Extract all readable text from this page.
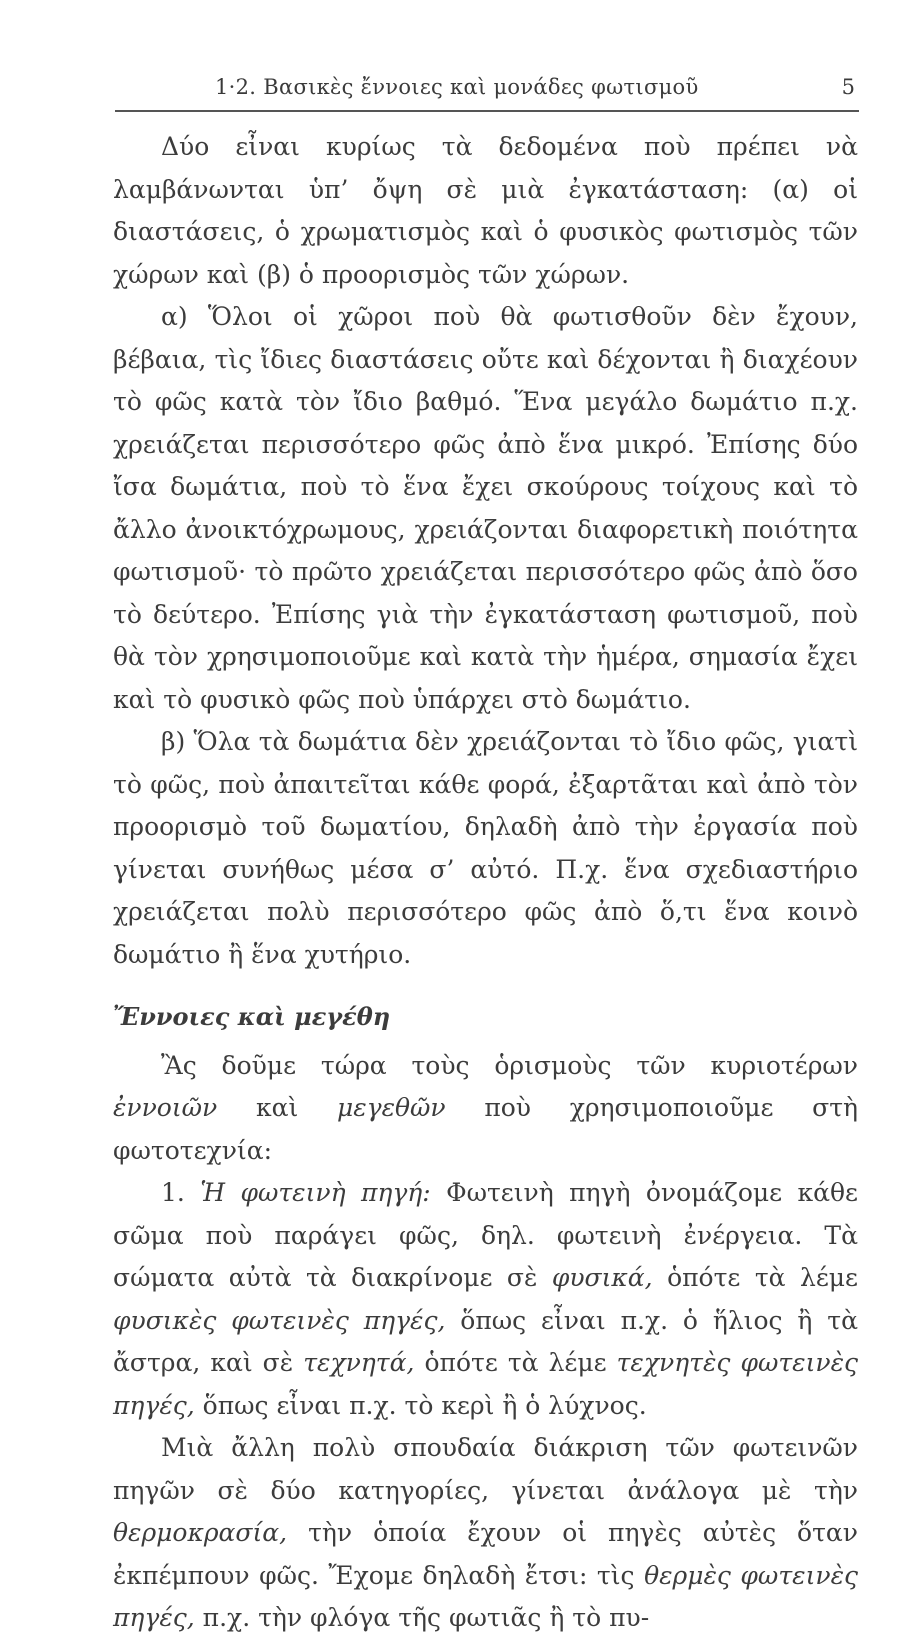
1·2. Βασικὲς ἔννοιες καὶ μονάδες φωτισμοῦ	5

Δύο εἶναι κυρίως τὰ δεδομένα ποὺ πρέπει νὰ λαμβάνωνται ὑπ’ ὄψη σὲ μιὰ ἐγκατάσταση: (α) οἱ διαστάσεις, ὁ χρωματισμὸς καὶ ὁ φυσικὸς φωτισμὸς τῶν χώρων καὶ (β) ὁ προορισμὸς τῶν χώρων.

α) Ὅλοι οἱ χῶροι ποὺ θὰ φωτισθοῦν δὲν ἔχουν, βέβαια, τὶς ἴδιες διαστάσεις οὔτε καὶ δέχονται ἢ διαχέουν τὸ φῶς κατὰ τὸν ἴδιο βαθμό. Ἕνα μεγάλο δωμάτιο π.χ. χρειάζεται περισσότερο φῶς ἀπὸ ἕνα μικρό. Ἐπίσης δύο ἴσα δωμάτια, ποὺ τὸ ἕνα ἔχει σκούρους τοίχους καὶ τὸ ἄλλο ἀνοικτόχρωμους, χρειάζονται διαφορετικὴ ποιότητα φωτισμοῦ· τὸ πρῶτο χρειάζεται περισσότερο φῶς ἀπὸ ὅσο τὸ δεύτερο. Ἐπίσης γιὰ τὴν ἐγκατάσταση φωτισμοῦ, ποὺ θὰ τὸν χρησιμοποιοῦμε καὶ κατὰ τὴν ἡμέρα, σημασία ἔχει καὶ τὸ φυσικὸ φῶς ποὺ ὑπάρχει στὸ δωμάτιο.

β) Ὅλα τὰ δωμάτια δὲν χρειάζονται τὸ ἴδιο φῶς, γιατὶ τὸ φῶς, ποὺ ἀπαιτεῖται κάθε φορά, ἐξαρτᾶται καὶ ἀπὸ τὸν προορισμὸ τοῦ δωματίου, δηλαδὴ ἀπὸ τὴν ἐργασία ποὺ γίνεται συνήθως μέσα σ’ αὐτό. Π.χ. ἕνα σχεδιαστήριο χρειάζεται πολὺ περισσότερο φῶς ἀπὸ ὅ,τι ἕνα κοινὸ δωμάτιο ἢ ἕνα χυτήριο.

Ἔννοιες καὶ μεγέθη

Ἂς δοῦμε τώρα τοὺς ὁρισμοὺς τῶν κυριοτέρων ἐννοιῶν καὶ μεγεθῶν ποὺ χρησιμοποιοῦμε στὴ φωτοτεχνία:

1. Ἡ φωτεινὴ πηγή: Φωτεινὴ πηγὴ ὀνομάζομε κάθε σῶμα ποὺ παράγει φῶς, δηλ. φωτεινὴ ἐνέργεια. Τὰ σώματα αὐτὰ τὰ διακρίνομε σὲ φυσικά, ὁπότε τὰ λέμε φυσικὲς φωτεινὲς πηγές, ὅπως εἶναι π.χ. ὁ ἥλιος ἢ τὰ ἄστρα, καὶ σὲ τεχνητά, ὁπότε τὰ λέμε τεχνητὲς φωτεινὲς πηγές, ὅπως εἶναι π.χ. τὸ κερὶ ἢ ὁ λύχνος.

Μιὰ ἄλλη πολὺ σπουδαία διάκριση τῶν φωτεινῶν πηγῶν σὲ δύο κατηγορίες, γίνεται ἀνάλογα μὲ τὴν θερμοκρασία, τὴν ὁποία ἔχουν οἱ πηγὲς αὐτὲς ὅταν ἐκπέμπουν φῶς. Ἔχομε δηλαδὴ ἔτσι: τὶς θερμὲς φωτεινὲς πηγές, π.χ. τὴν φλόγα τῆς φωτιᾶς ἢ τὸ πυ-
